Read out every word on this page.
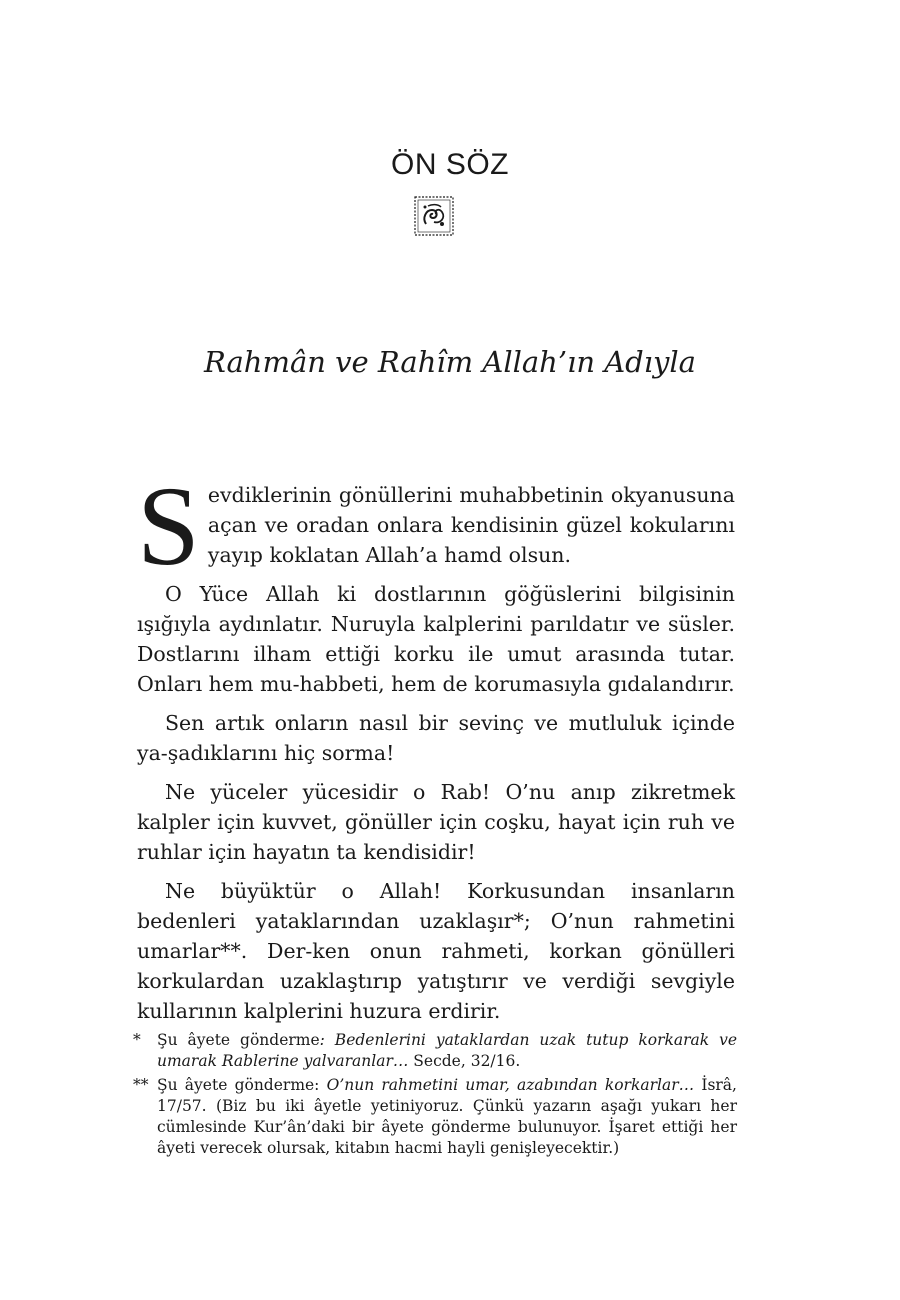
ÖN SÖZ
Rahmân ve Rahîm Allah’ın Adıyla

Sevdiklerinin gönüllerini muhabbetinin okyanusuna açan ve oradan onlara kendisinin güzel kokularını yayıp koklatan Allah’a hamd olsun.

O Yüce Allah ki dostlarının göğüslerini bilgisinin ışığıyla aydınlatır. Nuruyla kalplerini parıldatır ve süsler. Dostlarını ilham ettiği korku ile umut arasında tutar. Onları hem mu-habbeti, hem de korumasıyla gıdalandırır.

Sen artık onların nasıl bir sevinç ve mutluluk içinde ya-şadıklarını hiç sorma!

Ne yüceler yücesidir o Rab! O’nu anıp zikretmek kalpler için kuvvet, gönüller için coşku, hayat için ruh ve ruhlar için hayatın ta kendisidir!

Ne büyüktür o Allah! Korkusundan insanların bedenleri yataklarından uzaklaşır*; O’nun rahmetini umarlar**. Der-ken onun rahmeti, korkan gönülleri korkulardan uzaklaştırıp yatıştırır ve verdiği sevgiyle kullarının kalplerini huzura erdirir.

*	Şu âyete gönderme: Bedenlerini yataklardan uzak tutup korkarak ve umarak Rablerine yalvaranlar… Secde, 32/16.
** Şu âyete gönderme: O’nun rahmetini umar, azabından korkarlar… İsrâ, 17/57. (Biz bu iki âyetle yetiniyoruz. Çünkü yazarın aşağı yukarı her cümlesinde Kur’ân’daki bir âyete gönderme bulunuyor. İşaret ettiği her âyeti verecek olursak, kitabın hacmi hayli genişleyecektir.)
